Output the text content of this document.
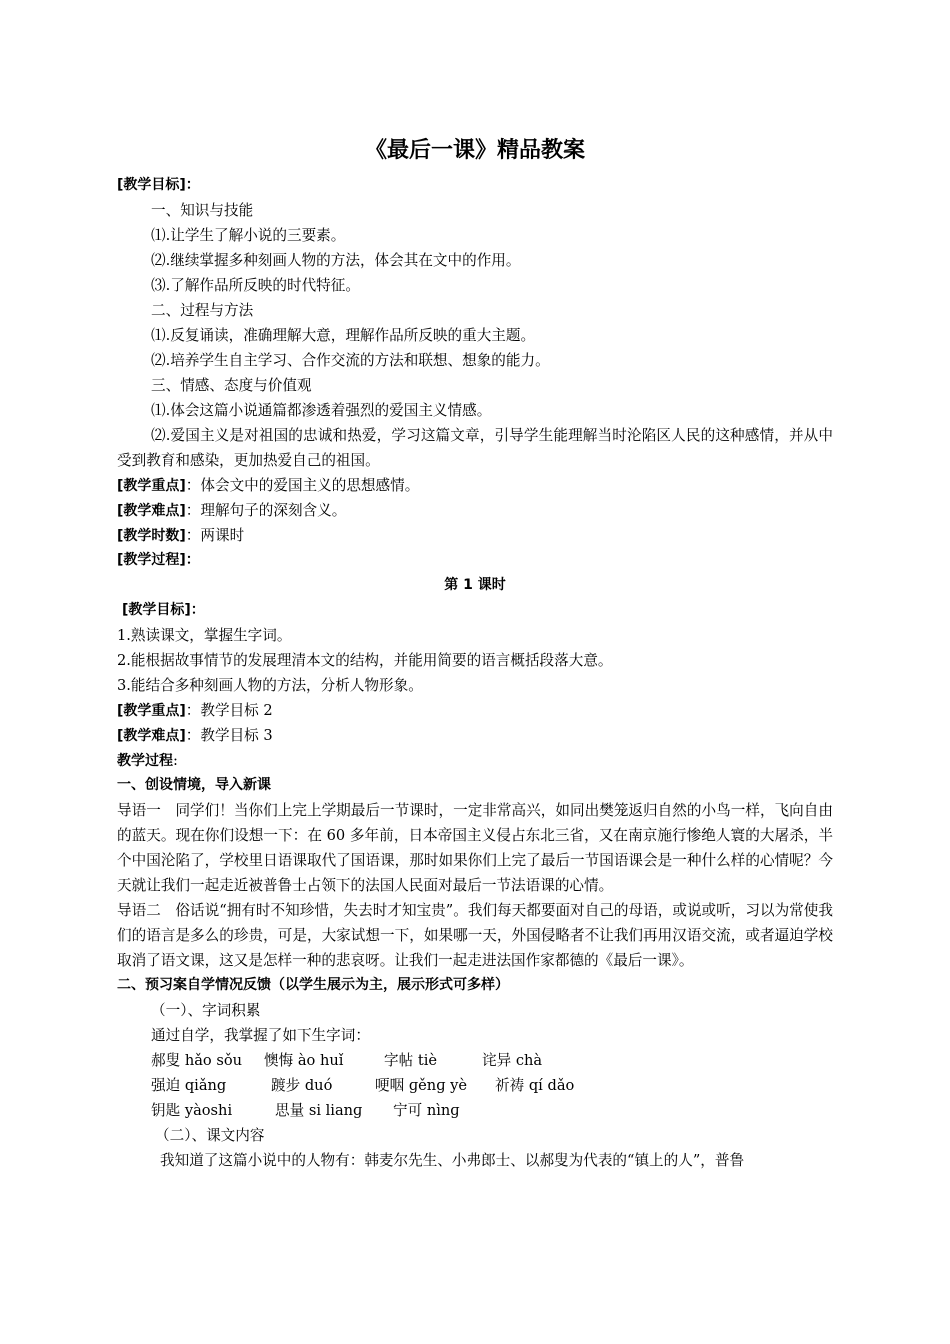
《最后一课》精品教案
[教学目标]：
一、知识与技能
⑴.让学生了解小说的三要素。
⑵.继续掌握多种刻画人物的方法，体会其在文中的作用。
⑶.了解作品所反映的时代特征。
二、过程与方法
⑴.反复诵读，准确理解大意，理解作品所反映的重大主题。
⑵.培养学生自主学习、合作交流的方法和联想、想象的能力。
三、情感、态度与价值观
⑴.体会这篇小说通篇都渗透着强烈的爱国主义情感。
⑵.爱国主义是对祖国的忠诚和热爱，学习这篇文章，引导学生能理解当时沦陷区人民的这种感情，并从中受到教育和感染，更加热爱自己的祖国。
[教学重点]：体会文中的爱国主义的思想感情。
[教学难点]：理解句子的深刻含义。
[教学时数]：两课时
[教学过程]：
第 1 课时
[教学目标]：
1.熟读课文，掌握生字词。
2.能根据故事情节的发展理清本文的结构，并能用简要的语言概括段落大意。
3.能结合多种刻画人物的方法，分析人物形象。
[教学重点]：教学目标 2
[教学难点]：教学目标 3
教学过程:
一、创设情境，导入新课
导语一　同学们！当你们上完上学期最后一节课时，一定非常高兴，如同出樊笼返归自然的小鸟一样，飞向自由的蓝天。现在你们设想一下：在 60 多年前，日本帝国主义侵占东北三省，又在南京施行惨绝人寰的大屠杀，半个中国沦陷了，学校里日语课取代了国语课，那时如果你们上完了最后一节国语课会是一种什么样的心情呢？今天就让我们一起走近被普鲁士占领下的法国人民面对最后一节法语课的心情。
导语二　俗话说“拥有时不知珍惜，失去时才知宝贵”。我们每天都要面对自己的母语，或说或听，习以为常使我们的语言是多么的珍贵，可是，大家试想一下，如果哪一天，外国侵略者不让我们再用汉语交流，或者逼迫学校取消了语文课，这又是怎样一种的悲哀呀。让我们一起走进法国作家都德的《最后一课》。
二、预习案自学情况反馈（以学生展示为主，展示形式可多样）
（一）、字词积累
通过自学，我掌握了如下生字词：
郝叟 hǎo sǒu 懊悔 ào huǐ	字帖 tiè	诧异 chà
强迫 qiǎng	踱步 duó	哽咽 ɡěnɡ yè 祈祷 qí dǎo
钥匙 yàoshi	思量 si lianɡ 宁可 nìnɡ
（二）、课文内容
我知道了这篇小说中的人物有：韩麦尔先生、小弗郎士、以郝叟为代表的“镇上的人”，普鲁
